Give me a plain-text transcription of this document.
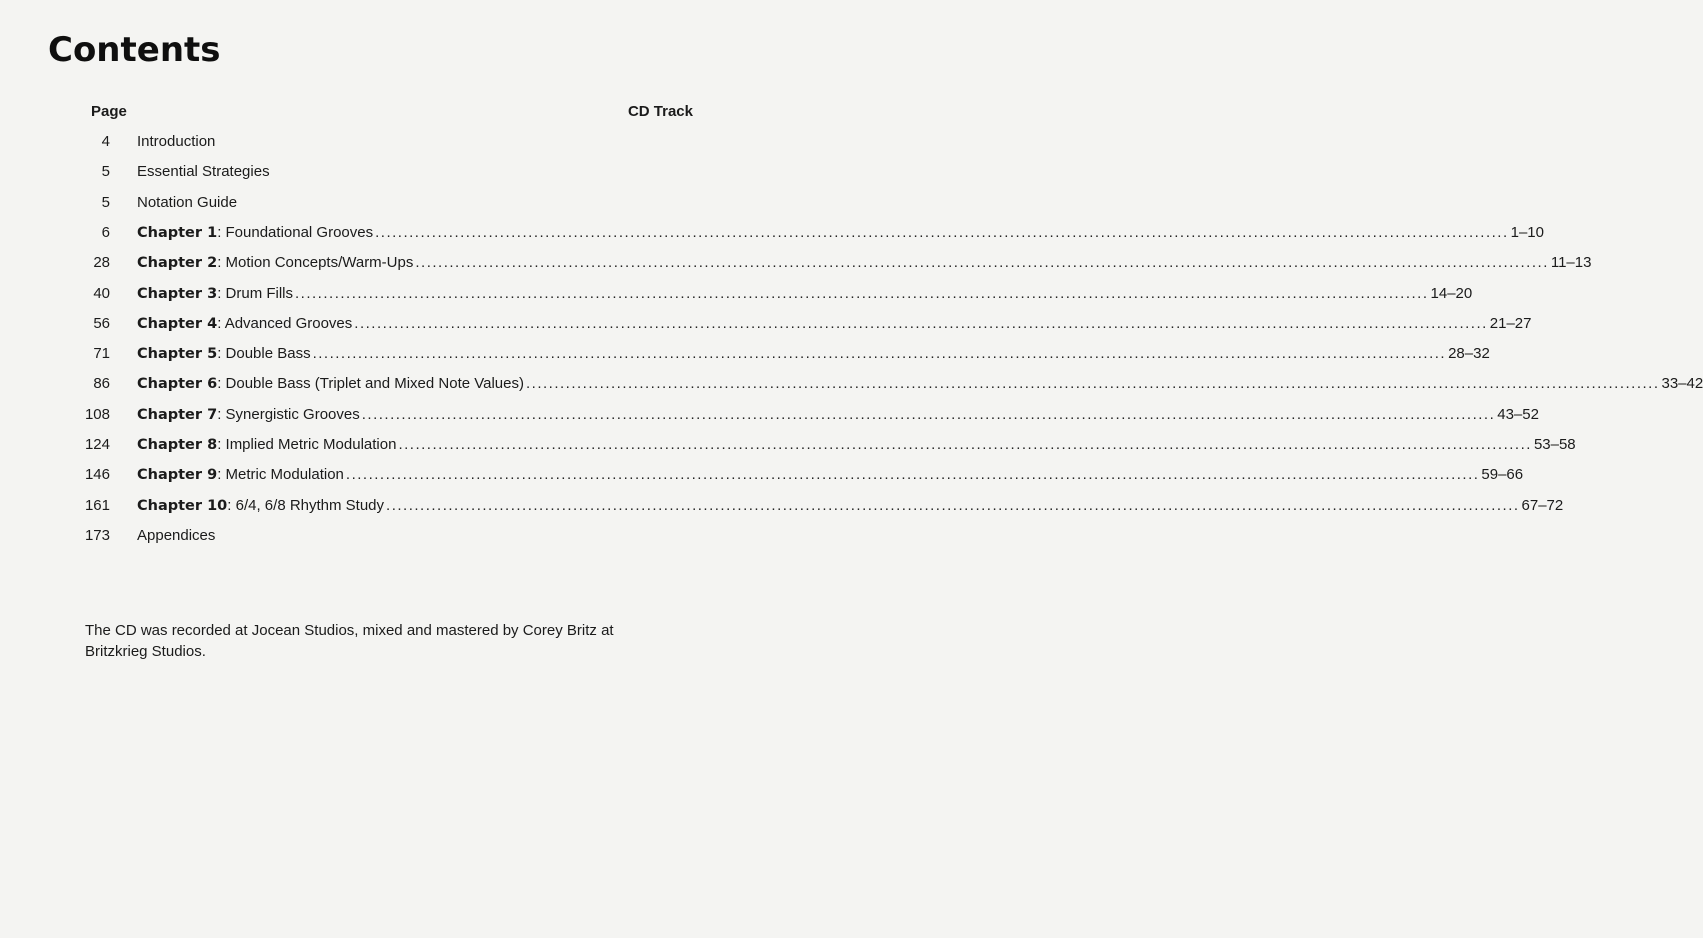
Contents
Page	CD Track
4 Introduction
5 Essential Strategies
5 Notation Guide
6 Chapter 1 : Foundational Grooves ........................................................................................................................................................................................................ 1–10
28 Chapter 2 : Motion Concepts/Warm-Ups ........................................................................................................................................................................................................ 11–13
40 Chapter 3 : Drum Fills ........................................................................................................................................................................................................ 14–20
56 Chapter 4 : Advanced Grooves ........................................................................................................................................................................................................ 21–27
71 Chapter 5 : Double Bass ........................................................................................................................................................................................................ 28–32
86 Chapter 6 : Double Bass (Triplet and Mixed Note Values) ........................................................................................................................................................................................................ 33–42
108 Chapter 7 : Synergistic Grooves ........................................................................................................................................................................................................ 43–52
124 Chapter 8 : Implied Metric Modulation ........................................................................................................................................................................................................ 53–58
146 Chapter 9 : Metric Modulation ........................................................................................................................................................................................................ 59–66
161 Chapter 10 : 6/4, 6/8 Rhythm Study ........................................................................................................................................................................................................ 67–72
173 Appendices
The CD was recorded at Jocean Studios, mixed and mastered by Corey Britz at Britzkrieg Studios.
